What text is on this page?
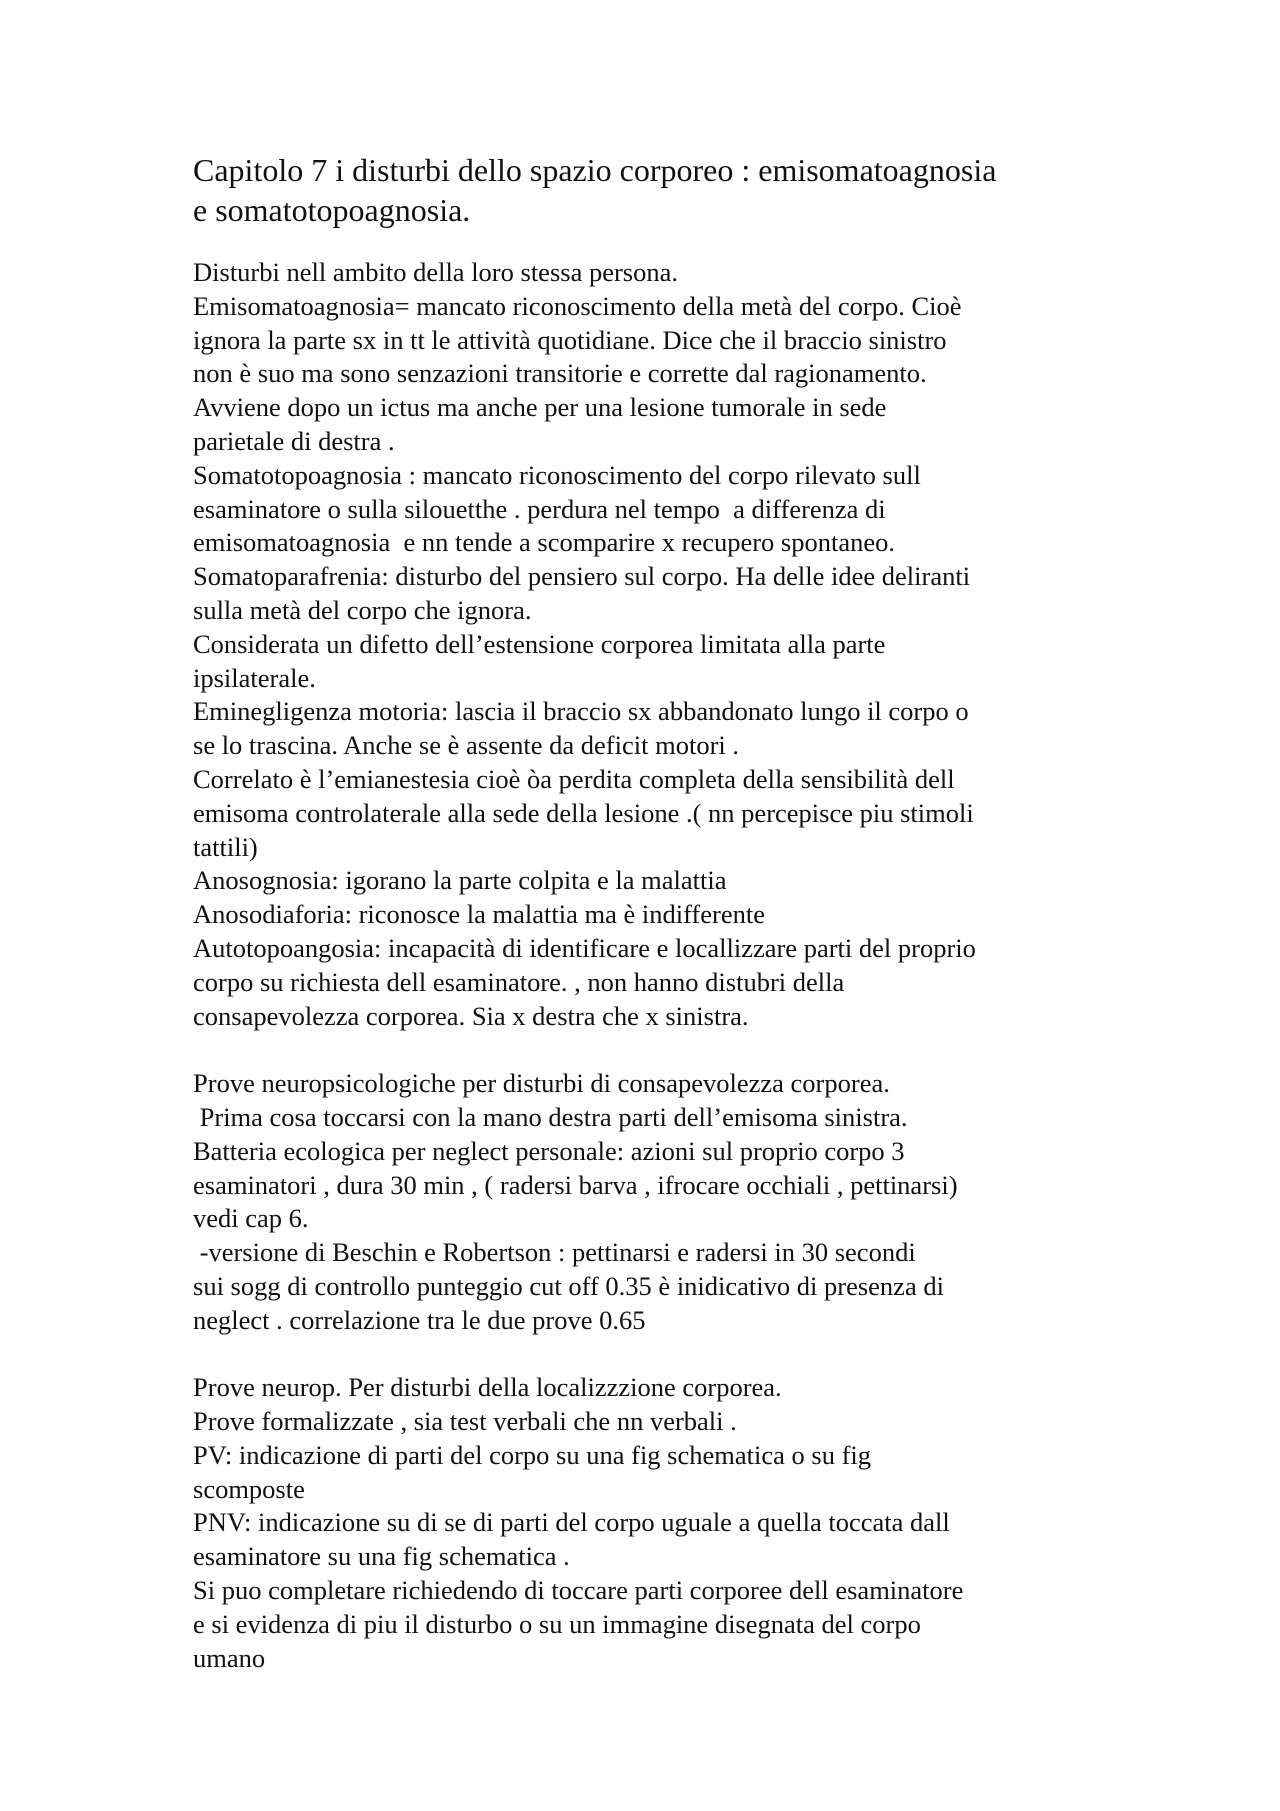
Capitolo 7 i disturbi dello spazio corporeo : emisomatoagnosia
e somatotopoagnosia.
Disturbi nell ambito della loro stessa persona.
Emisomatoagnosia= mancato riconoscimento della metà del corpo. Cioè
ignora la parte sx in tt le attività quotidiane. Dice che il braccio sinistro
non è suo ma sono senzazioni transitorie e corrette dal ragionamento.
Avviene dopo un ictus ma anche per una lesione tumorale in sede
parietale di destra .
Somatotopoagnosia : mancato riconoscimento del corpo rilevato sull
esaminatore o sulla silouetthe . perdura nel tempo  a differenza di
emisomatoagnosia  e nn tende a scomparire x recupero spontaneo.
Somatoparafrenia: disturbo del pensiero sul corpo. Ha delle idee deliranti
sulla metà del corpo che ignora.
Considerata un difetto dell’estensione corporea limitata alla parte
ipsilaterale.
Eminegligenza motoria: lascia il braccio sx abbandonato lungo il corpo o
se lo trascina. Anche se è assente da deficit motori .
Correlato è l’emianestesia cioè òa perdita completa della sensibilità dell
emisoma controlaterale alla sede della lesione .( nn percepisce piu stimoli
tattili)
Anosognosia: igorano la parte colpita e la malattia
Anosodiaforia: riconosce la malattia ma è indifferente
Autotopoangosia: incapacità di identificare e locallizzare parti del proprio
corpo su richiesta dell esaminatore. , non hanno distubri della
consapevolezza corporea. Sia x destra che x sinistra.
Prove neuropsicologiche per disturbi di consapevolezza corporea.
Prima cosa toccarsi con la mano destra parti dell’emisoma sinistra.
Batteria ecologica per neglect personale: azioni sul proprio corpo 3
esaminatori , dura 30 min , ( radersi barva , ifrocare occhiali , pettinarsi)
vedi cap 6.
-versione di Beschin e Robertson : pettinarsi e radersi in 30 secondi
sui sogg di controllo punteggio cut off 0.35 è inidicativo di presenza di
neglect . correlazione tra le due prove 0.65
Prove neurop. Per disturbi della localizzzione corporea.
Prove formalizzate , sia test verbali che nn verbali .
PV: indicazione di parti del corpo su una fig schematica o su fig
scomposte
PNV: indicazione su di se di parti del corpo uguale a quella toccata dall
esaminatore su una fig schematica .
Si puo completare richiedendo di toccare parti corporee dell esaminatore
e si evidenza di piu il disturbo o su un immagine disegnata del corpo
umano
